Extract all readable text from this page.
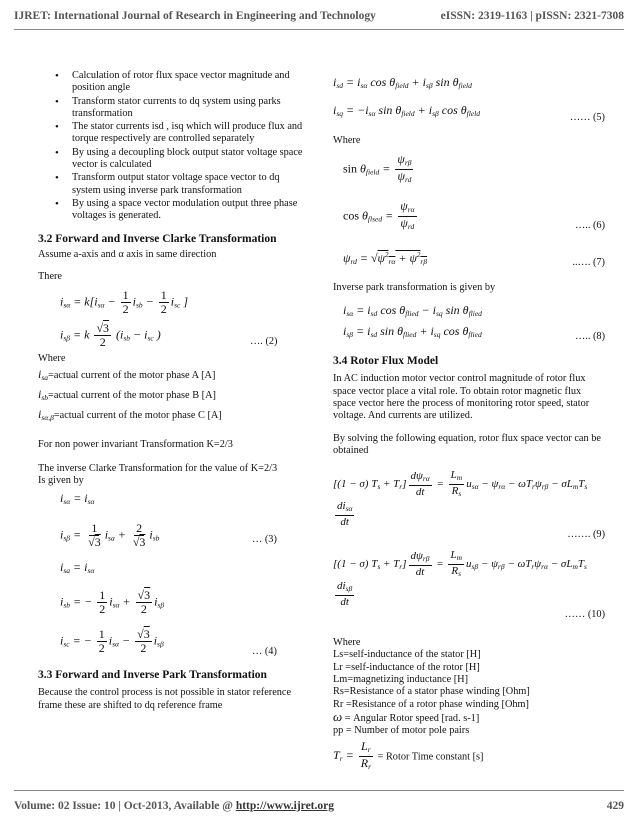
IJRET: International Journal of Research in Engineering and Technology	eISSN: 2319-1163 | pISSN: 2321-7308
• Calculation of rotor flux space vector magnitude and position angle
• Transform stator currents to dq system using parks transformation
• The stator currents isd , isq which will produce flux and torque respectively are controlled separately
• By using a decoupling block output stator voltage space vector is calculated
• Transform output stator voltage space vector to dq system using inverse park transformation
• By using a space vector modulation output three phase voltages is generated.
3.2 Forward and Inverse Clarke Transformation

Assume a-axis and α axis in same direction

There

$i_{s\alpha} = k[i_{s\alpha} - \frac{1}{2} i_{sb} - \frac{1}{2} i_{sc}$ ]
$i_{s\beta} = k \frac{√3}{2} (i_{sb} - i_{sc}$ )
…. (2)

Where

$i_{sa}=actual$ current of the motor phase A [A]

$i_{sb}=actual$ current of the motor phase B [A]

$i_{s\alpha,\beta}=actual$ current of the motor phase C [A]

For non power invariant Transformation K=2/3

The inverse Clarke Transformation for the value of K=2/3

Is given by

$i_{s\alpha} = i_{s\alpha}$
$i_{s\beta} = \frac{1}{√3} i_{sa} + \frac{2}{√3} i_{sb}$	… (3)
$i_{sa} = i_{s\alpha}$
$i_{sb}$ = − $\frac{1}{2} i_{s\alpha} + \frac{√3}{2} i_{s\beta}$
$i_{sc}$ = − $\frac{1}{2} i_{s\alpha} - \frac{√3}{2} i_{s\beta}$
… (4)
3.3 Forward and Inverse Park Transformation

Because the control process is not possible in stator reference frame these are shifted to dq reference frame

$i_{sd} = i_{s\alpha}$ $\cos \theta_{field} + i_{s\beta}$ $\sin \theta_{field}$
$i_{sq} = -i_{s\alpha}$ $\sin \theta_{field} + i_{s\beta}$ $\cos \theta_{fleld}$	…… (5)

Where

$\sin \theta_{field} = \frac{\psi_{r\beta}}{\psi_{rd}}$
$\cos \theta_{flsed} = \frac{\psi_{r\alpha}}{\psi_{rd}}$	….. (6)
$\psi_{rd} = √\psi^2_{r\alpha} + \psi^2_{r\beta}$	..…. (7)

Inverse park transformation is given by

$i_{s\alpha} = i_{sd}$ $\cos \theta_{flied} - i_{sq}$ $\sin \theta_{flied}$
$i_{s\beta} = i_{sd}$ $\sin \theta_{flied} + i_{sq}$ $\cos \theta_{flied}$	….. (8)
3.4 Rotor Flux Model

In AC induction motor vector control magnitude of rotor flux space vector place a vital role. To obtain rotor magnetic flux space vector here the process of monitoring rotor speed, stator voltage. And currents are utilized.

By solving the following equation, rotor flux space vector can be obtained

[(1 − σ) $T_s + T_r] \frac{d\psi_{r\alpha}}{dt} = \frac{L_m}{R_s} u_{s\alpha} - \psi_{r\alpha} - \omega T_r\psi_{r\beta} - \sigma L_mT_s$
$\frac{di_{s\alpha}}{dt}$
……. (9)
[(1 − σ) $T_s + T_r] \frac{d\psi_{r\beta}}{dt} = \frac{L_m}{R_s} u_{s\beta} - \psi_{r\beta} - \omega T_r\psi_{r\alpha} - \sigma L_mT_s$
$\frac{di_{s\beta}}{dt}$
…… (10)

Where

Ls=self-inductance of the stator [H]

Lr =self-inductance of the rotor [H]

Lm=magnetizing inductance [H]

Rs=Resistance of a stator phase winding [Ohm]

Rr =Resistance of a rotor phase winding [Ohm]

ω = Angular Rotor speed [rad. s-1]

pp = Number of motor pole pairs

$T_r = \frac{L_r}{R_r}$ = Rotor Time constant [s]

Volume: 02 Issue: 10 | Oct-2013, Available @ http://www.ijret.org	429
